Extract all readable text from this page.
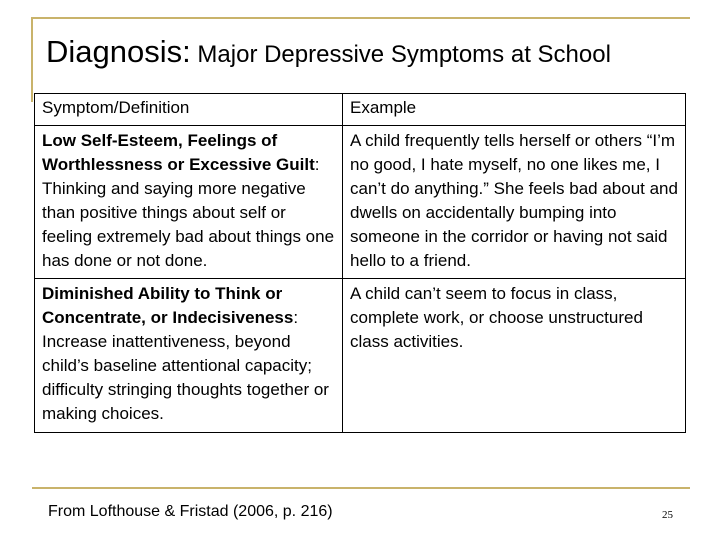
Diagnosis: Major Depressive Symptoms at School
Symptom/Definition	Example
Low Self-Esteem, Feelings of Worthlessness or Excessive Guilt: Thinking and saying more negative than positive things about self or feeling extremely bad about things one has done or not done.	A child frequently tells herself or others “I’m no good, I hate myself, no one likes me, I can’t do anything.” She feels bad about and dwells on accidentally bumping into someone in the corridor or having not said hello to a friend.
Diminished Ability to Think or Concentrate, or Indecisiveness: Increase inattentiveness, beyond child’s baseline attentional capacity; difficulty stringing thoughts together or making choices.	A child can’t seem to focus in class, complete work, or choose unstructured class activities.
From Lofthouse & Fristad (2006, p. 216)	25
